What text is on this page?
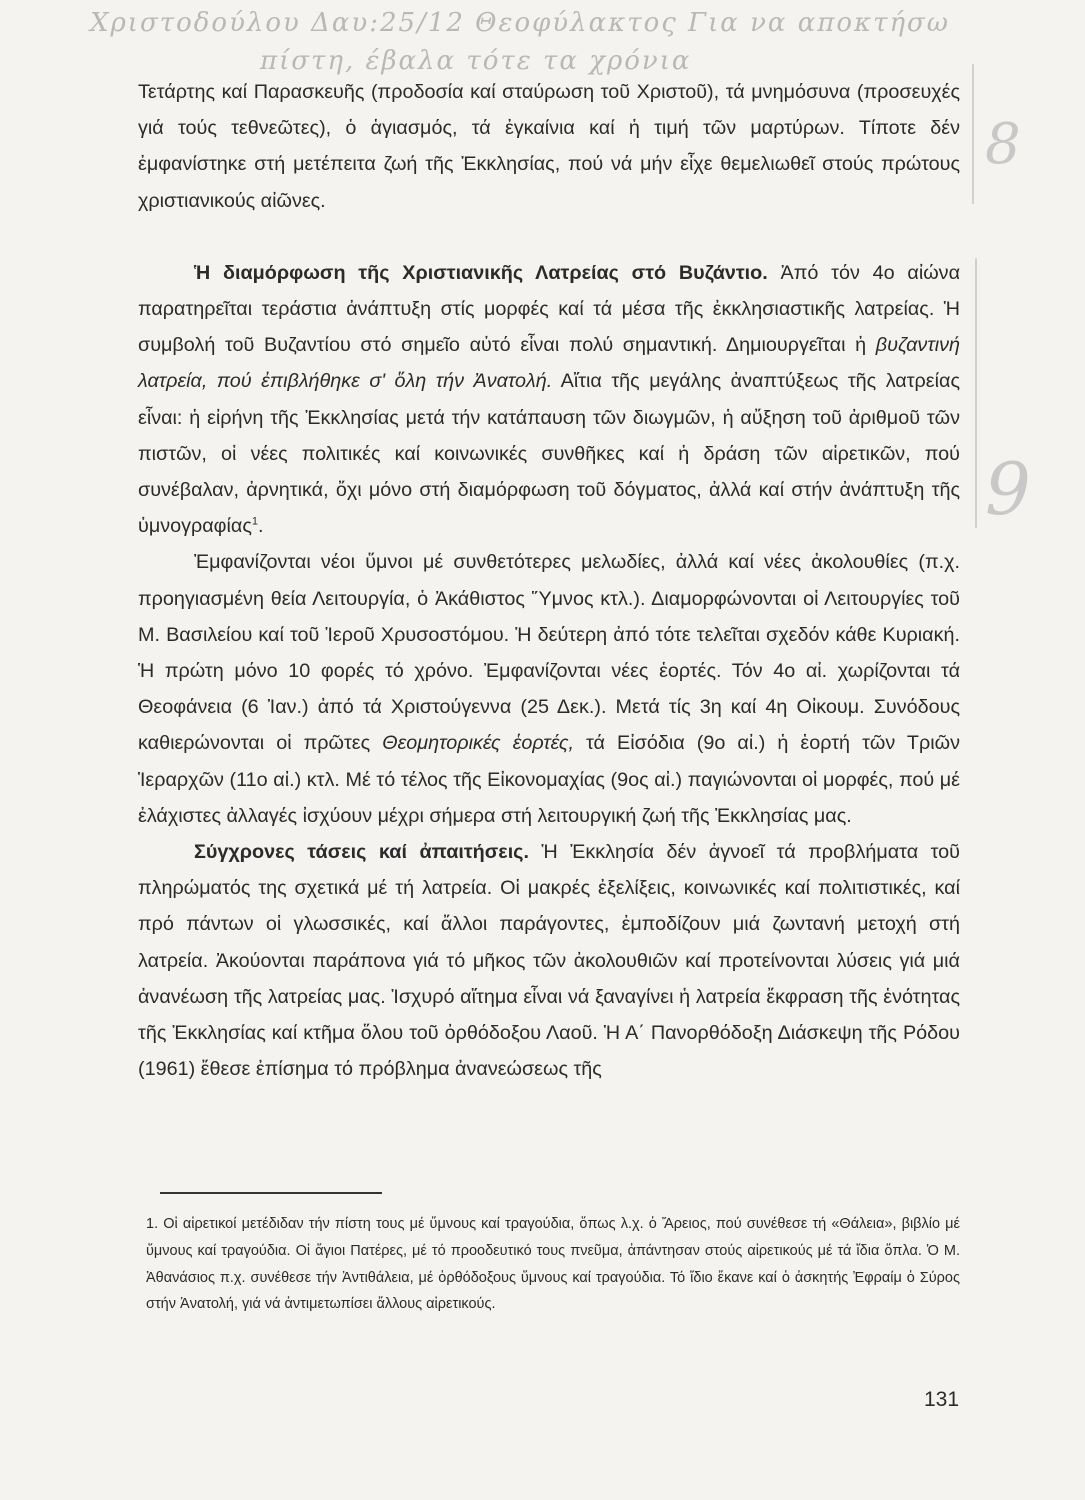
Χριστοδούλου Δαυ:25/12 Θεοφύλακτος Για να αποκτήσω
πίστη, έβαλα τότε τα χρόνια
8
9

Τετάρτης καί Παρασκευῆς (προδοσία καί σταύρωση τοῦ Χριστοῦ), τά μνημόσυνα (προσευχές γιά τούς τεθνεῶτες), ὁ ἁγιασμός, τά ἐγκαίνια καί ἡ τιμή τῶν μαρτύρων. Τίποτε δέν ἐμφανίστηκε στή μετέπειτα ζωή τῆς Ἐκκλησίας, πού νά μήν εἶχε θεμελιωθεῖ στούς πρώτους χριστιανικούς αἰῶνες.

Ἡ διαμόρφωση τῆς Χριστιανικῆς Λατρείας στό Βυζάντιο. Ἀπό τόν 4ο αἰώνα παρατηρεῖται τεράστια ἀνάπτυξη στίς μορφές καί τά μέσα τῆς ἐκκλησιαστικῆς λατρείας. Ἡ συμβολή τοῦ Βυζαντίου στό σημεῖο αὐτό εἶναι πολύ σημαντική. Δημιουργεῖται ἡ βυζαντινή λατρεία, πού ἐπιβλήθηκε σ' ὅλη τήν Ἀνατολή. Αἴτια τῆς μεγάλης ἀναπτύξεως τῆς λατρείας εἶναι: ἡ εἰρήνη τῆς Ἐκκλησίας μετά τήν κατάπαυση τῶν διωγμῶν, ἡ αὔξηση τοῦ ἀριθμοῦ τῶν πιστῶν, οἱ νέες πολιτικές καί κοινωνικές συνθῆκες καί ἡ δράση τῶν αἱρετικῶν, πού συνέβαλαν, ἀρνητικά, ὄχι μόνο στή διαμόρφωση τοῦ δόγματος, ἀλλά καί στήν ἀνάπτυξη τῆς ὑμνογραφίας$^1$.

Ἐμφανίζονται νέοι ὕμνοι μέ συνθετότερες μελωδίες, ἀλλά καί νέες ἀκολουθίες (π.χ. προηγιασμένη θεία Λειτουργία, ὁ Ἀκάθιστος Ὕμνος κτλ.). Διαμορφώνονται οἱ Λειτουργίες τοῦ Μ. Βασιλείου καί τοῦ Ἱεροῦ Χρυσοστόμου. Ἡ δεύτερη ἀπό τότε τελεῖται σχεδόν κάθε Κυριακή. Ἡ πρώτη μόνο 10 φορές τό χρόνο. Ἐμφανίζονται νέες ἑορτές. Τόν 4ο αἰ. χωρίζονται τά Θεοφάνεια (6 Ἰαν.) ἀπό τά Χριστούγεννα (25 Δεκ.). Μετά τίς 3η καί 4η Οἰκουμ. Συνόδους καθιερώνονται οἱ πρῶτες Θεομητορικές ἑορτές, τά Εἰσόδια (9ο αἰ.) ἡ ἑορτή τῶν Τριῶν Ἱεραρχῶν (11ο αἰ.) κτλ. Μέ τό τέλος τῆς Εἰκονομαχίας (9ος αἰ.) παγιώνονται οἱ μορφές, πού μέ ἐλάχιστες ἀλλαγές ἰσχύουν μέχρι σήμερα στή λειτουργική ζωή τῆς Ἐκκλησίας μας.

Σύγχρονες τάσεις καί ἀπαιτήσεις. Ἡ Ἐκκλησία δέν ἀγνοεῖ τά προβλήματα τοῦ πληρώματός της σχετικά μέ τή λατρεία. Οἱ μακρές ἐξελίξεις, κοινωνικές καί πολιτιστικές, καί πρό πάντων οἱ γλωσσικές, καί ἄλλοι παράγοντες, ἐμποδίζουν μιά ζωντανή μετοχή στή λατρεία. Ἀκούονται παράπονα γιά τό μῆκος τῶν ἀκολουθιῶν καί προτείνονται λύσεις γιά μιά ἀνανέωση τῆς λατρείας μας. Ἰσχυρό αἴτημα εἶναι νά ξαναγίνει ἡ λατρεία ἔκφραση τῆς ἑνότητας τῆς Ἐκκλησίας καί κτῆμα ὅλου τοῦ ὀρθόδοξου Λαοῦ. Ἡ Α΄ Πανορθόδοξη Διάσκεψη τῆς Ρόδου (1961) ἔθεσε ἐπίσημα τό πρόβλημα ἀνανεώσεως τῆς

1. Οἱ αἱρετικοί μετέδιδαν τήν πίστη τους μέ ὕμνους καί τραγούδια, ὅπως λ.χ. ὁ Ἄρειος, πού συνέθεσε τή «Θάλεια», βιβλίο μέ ὕμνους καί τραγούδια. Οἱ ἅγιοι Πατέρες, μέ τό προοδευτικό τους πνεῦμα, ἀπάντησαν στούς αἱρετικούς μέ τά ἴδια ὅπλα. Ὁ Μ. Ἀθανάσιος π.χ. συνέθεσε τήν Ἀντιθάλεια, μέ ὀρθόδοξους ὕμνους καί τραγούδια. Τό ἴδιο ἔκανε καί ὁ ἀσκητής Ἐφραίμ ὁ Σύρος στήν Ἀνατολή, γιά νά ἀντιμετωπίσει ἄλλους αἱρετικούς.

131
